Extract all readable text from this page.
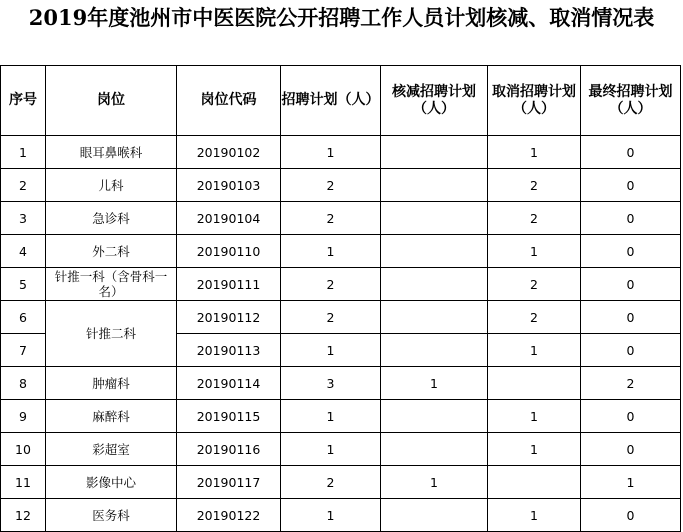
2019年度池州市中医医院公开招聘工作人员计划核减、取消情况表
序号	岗位	岗位代码	招聘计划（人）	核减招聘计划（人）	取消招聘计划（人）	最终招聘计划（人）
1	眼耳鼻喉科	20190102	1		1	0
2	儿科	20190103	2		2	0
3	急诊科	20190104	2		2	0
4	外二科	20190110	1		1	0
5	针推一科（含骨科一名）	20190111	2		2	0
6	针推二科	20190112	2		2	0
7		20190113	1		1	0
8	肿瘤科	20190114	3	1		2
9	麻醉科	20190115	1		1	0
10	彩超室	20190116	1		1	0
11	影像中心	20190117	2	1		1
12	医务科	20190122	1		1	0
